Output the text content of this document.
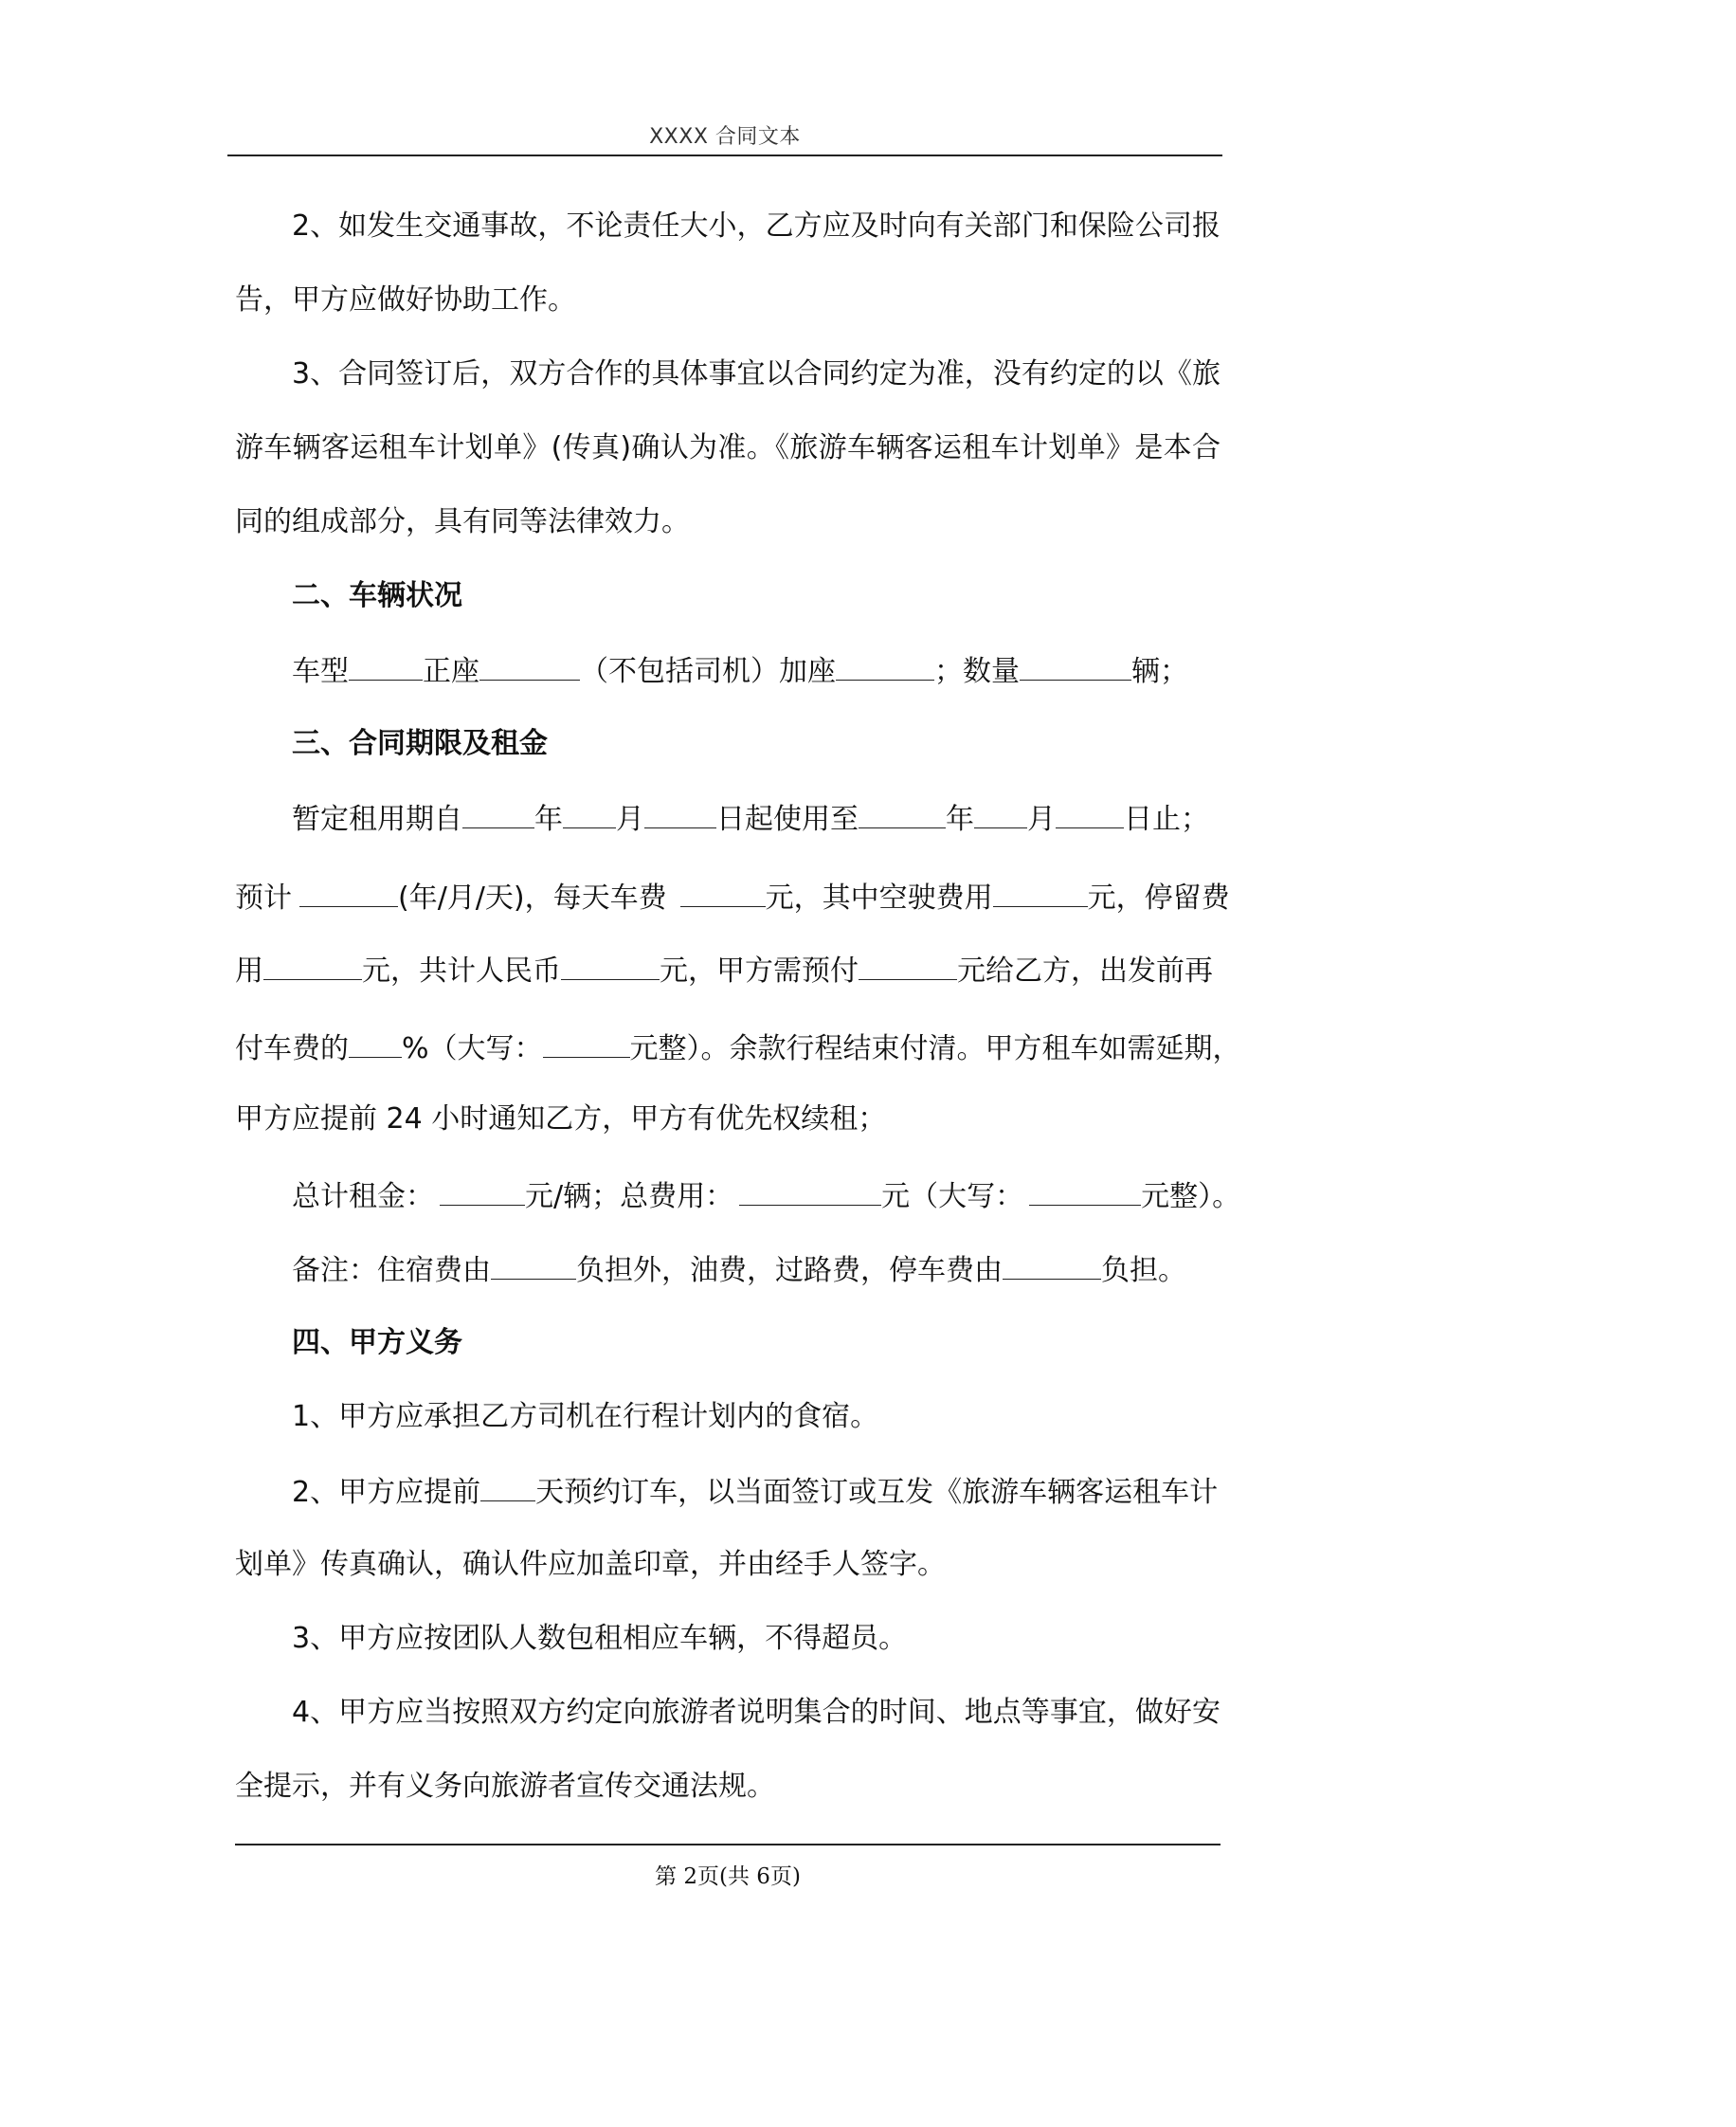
XXXX 合同文本
2、如发生交通事故，不论责任大小，乙方应及时向有关部门和保险公司报
告，甲方应做好协助工作。
3、合同签订后，双方合作的具体事宜以合同约定为准，没有约定的以《旅
游车辆客运租车计划单》(传真)确认为准。《旅游车辆客运租车计划单》是本合
同的组成部分，具有同等法律效力。
二、车辆状况
车型	正座	（不包括司机）加座	；数量	辆；
三、合同期限及租金
暂定租用期自	年 月	日起使用至	年 月 日止；
预计	(年/月/天)，每天车费	元，其中空驶费用	元，停留费
用	元，共计人民币	元，甲方需预付	元给乙方，出发前再
付车费的 %（大写：	元整）。余款行程结束付清。甲方租车如需延期，
甲方应提前 24 小时通知乙方，甲方有优先权续租；
总计租金：	元/辆；总费用：	元（大写：	元整）。
备注：住宿费由	负担外，油费，过路费，停车费由	负担。
四、甲方义务
1、甲方应承担乙方司机在行程计划内的食宿。
2、甲方应提前 天预约订车，以当面签订或互发《旅游车辆客运租车计
划单》传真确认，确认件应加盖印章，并由经手人签字。
3、甲方应按团队人数包租相应车辆，不得超员。
4、甲方应当按照双方约定向旅游者说明集合的时间、地点等事宜，做好安
全提示，并有义务向旅游者宣传交通法规。
第 2页(共 6页)
